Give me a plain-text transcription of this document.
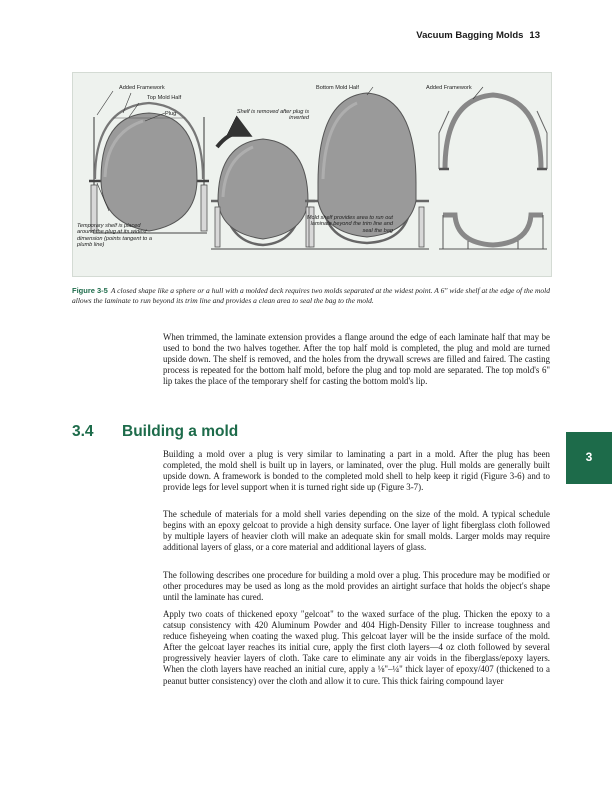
Vacuum Bagging Molds 13
Added Framework
Top Mold Half
Plug	Shelf is removed after plug is inverted
Bottom Mold Half	Added Framework
Temporary shelf is placed around the plug at its widest dimension (points tangent to a plumb line)
Mold shelf provides area to run out laminate beyond the trim line and seal the bag
Figure 3-5 A closed shape like a sphere or a hull with a molded deck requires two molds separated at the widest point. A 6" wide shelf at the edge of the mold allows the laminate to run beyond its trim line and provides a clean area to seal the bag to the mold.

When trimmed, the laminate extension provides a flange around the edge of each laminate half that may be used to bond the two halves together. After the top half mold is completed, the plug and mold are turned upside down. The shelf is removed, and the holes from the drywall screws are filled and faired. The casting process is repeated for the bottom half mold, before the plug and top mold are separated. The top mold's 6" lip takes the place of the temporary shelf for casting the bottom mold's lip.

3.4 Building a mold
3

Building a mold over a plug is very similar to laminating a part in a mold. After the plug has been completed, the mold shell is built up in layers, or laminated, over the plug. Hull molds are generally built upside down. A framework is bonded to the completed mold shell to help keep it rigid (Figure 3-6) and to provide legs for level support when it is turned right side up (Figure 3-7).

The schedule of materials for a mold shell varies depending on the size of the mold. A typical schedule begins with an epoxy gelcoat to provide a high density surface. One layer of light fiberglass cloth followed by multiple layers of heavier cloth will make an adequate skin for small molds. Larger molds may require additional layers of glass, or a core material and additional layers of glass.

The following describes one procedure for building a mold over a plug. This procedure may be modified or other procedures may be used as long as the mold provides an airtight surface that holds the object's shape until the laminate has cured.

Apply two coats of thickened epoxy "gelcoat" to the waxed surface of the plug. Thicken the epoxy to a catsup consistency with 420 Aluminum Powder and 404 High-Density Filler to increase toughness and reduce fisheyeing when coating the waxed plug. This gelcoat layer will be the inside surface of the mold. After the gelcoat layer reaches its initial cure, apply the first cloth layers—4 oz cloth followed by several progressively heavier layers of cloth. Take care to eliminate any air voids in the fiberglass/epoxy layers. When the cloth layers have reached an initial cure, apply a ⅛"–¼" thick layer of epoxy/407 (thickened to a peanut butter consistency) over the cloth and allow it to cure. This thick fairing compound layer
